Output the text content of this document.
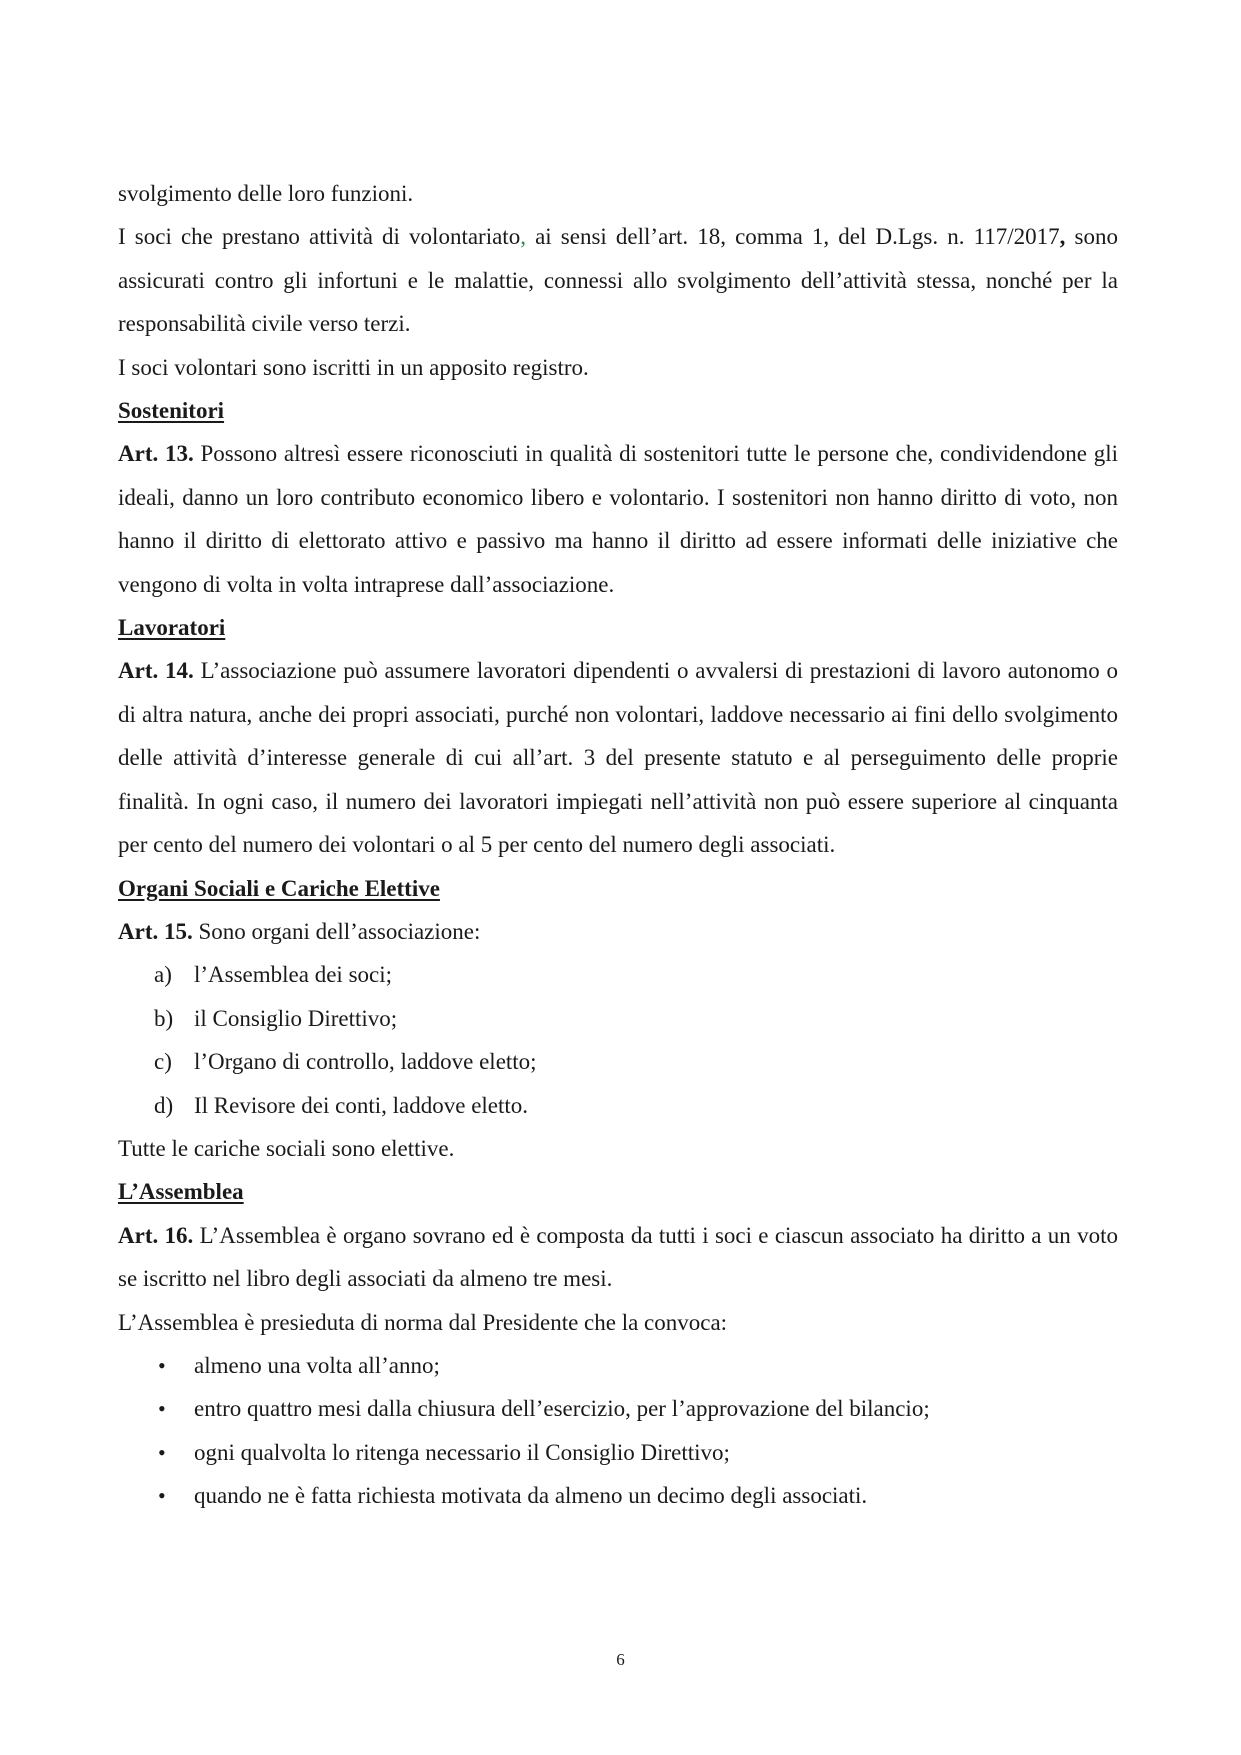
svolgimento delle loro funzioni.

I soci che prestano attività di volontariato, ai sensi dell’art. 18, comma 1, del D.Lgs. n. 117/2017, sono assicurati contro gli infortuni e le malattie, connessi allo svolgimento dell’attività stessa, nonché per la responsabilità civile verso terzi.

I soci volontari sono iscritti in un apposito registro.

Sostenitori

Art. 13. Possono altresì essere riconosciuti in qualità di sostenitori tutte le persone che, condividendone gli ideali, danno un loro contributo economico libero e volontario. I sostenitori non hanno diritto di voto, non hanno il diritto di elettorato attivo e passivo ma hanno il diritto ad essere informati delle iniziative che vengono di volta in volta intraprese dall’associazione.

Lavoratori

Art. 14. L’associazione può assumere lavoratori dipendenti o avvalersi di prestazioni di lavoro autonomo o di altra natura, anche dei propri associati, purché non volontari, laddove necessario ai fini dello svolgimento delle attività d’interesse generale di cui all’art. 3 del presente statuto e al perseguimento delle proprie finalità. In ogni caso, il numero dei lavoratori impiegati nell’attività non può essere superiore al cinquanta per cento del numero dei volontari o al 5 per cento del numero degli associati.

Organi Sociali e Cariche Elettive

Art. 15. Sono organi dell’associazione:

a) l’Assemblea dei soci;
b) il Consiglio Direttivo;
c) l’Organo di controllo, laddove eletto;
d) Il Revisore dei conti, laddove eletto.

Tutte le cariche sociali sono elettive.

L’Assemblea

Art. 16. L’Assemblea è organo sovrano ed è composta da tutti i soci e ciascun associato ha diritto a un voto se iscritto nel libro degli associati da almeno tre mesi.

L’Assemblea è presieduta di norma dal Presidente che la convoca:

• almeno una volta all’anno;
• entro quattro mesi dalla chiusura dell’esercizio, per l’approvazione del bilancio;
• ogni qualvolta lo ritenga necessario il Consiglio Direttivo;
• quando ne è fatta richiesta motivata da almeno un decimo degli associati.
6
